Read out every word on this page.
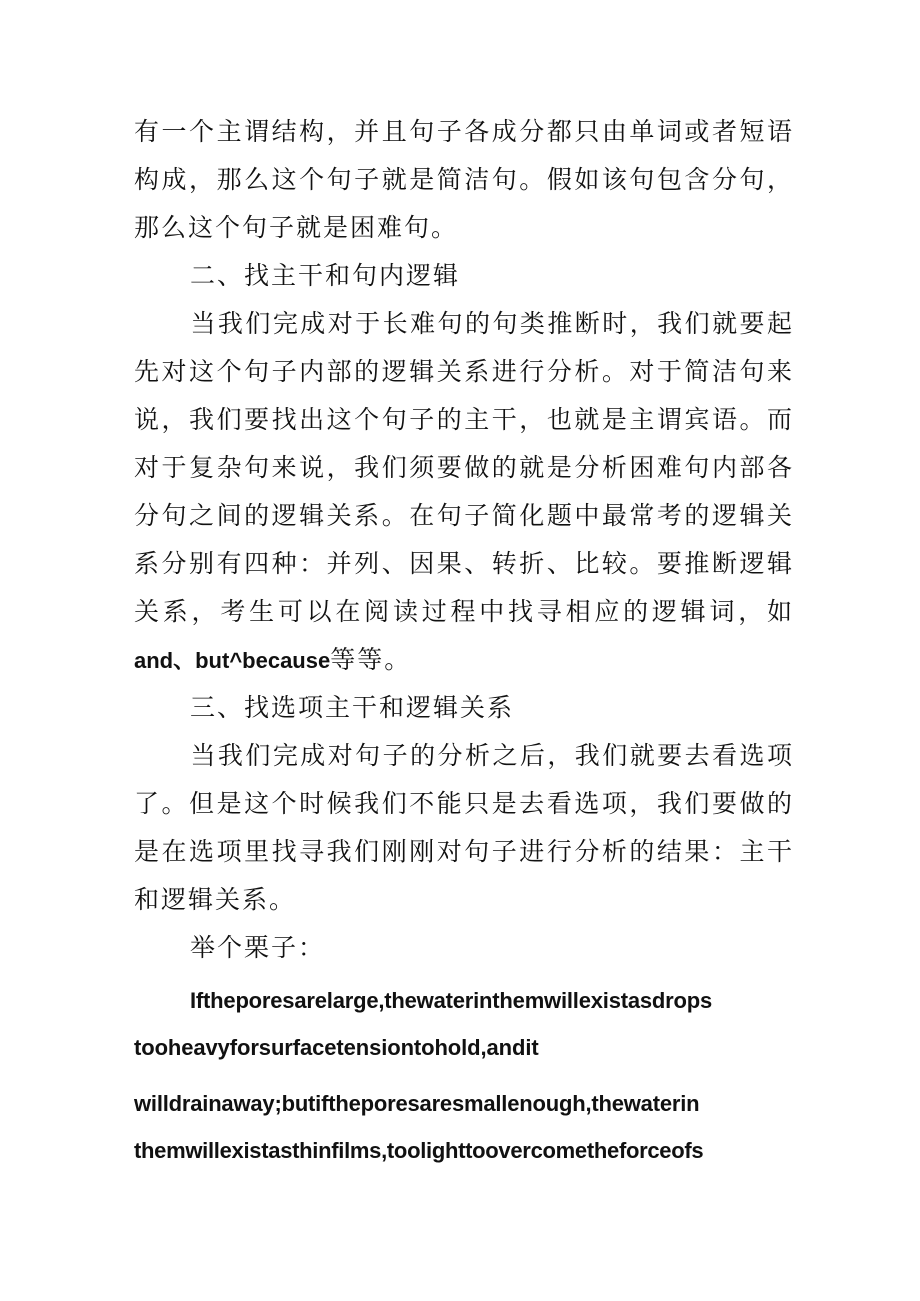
有一个主谓结构，并且句子各成分都只由单词或者短语构成，那么这个句子就是简洁句。假如该句包含分句，那么这个句子就是困难句。

二、找主干和句内逻辑

当我们完成对于长难句的句类推断时，我们就要起先对这个句子内部的逻辑关系进行分析。对于简洁句来说，我们要找出这个句子的主干，也就是主谓宾语。而对于复杂句来说，我们须要做的就是分析困难句内部各分句之间的逻辑关系。在句子简化题中最常考的逻辑关系分别有四种：并列、因果、转折、比较。要推断逻辑关系，考生可以在阅读过程中找寻相应的逻辑词，如and、but^because等等。

三、找选项主干和逻辑关系

当我们完成对句子的分析之后，我们就要去看选项了。但是这个时候我们不能只是去看选项，我们要做的是在选项里找寻我们刚刚对句子进行分析的结果：主干和逻辑关系。

举个栗子：

Iftheporesarelarge,thewaterinthemwillexistasdrops

tooheavyforsurfacetensiontohold,andit

willdrainaway;butiftheporesaresmallenough,thewaterin

themwillexistasthinfilms,toolighttoovercometheforceofs
